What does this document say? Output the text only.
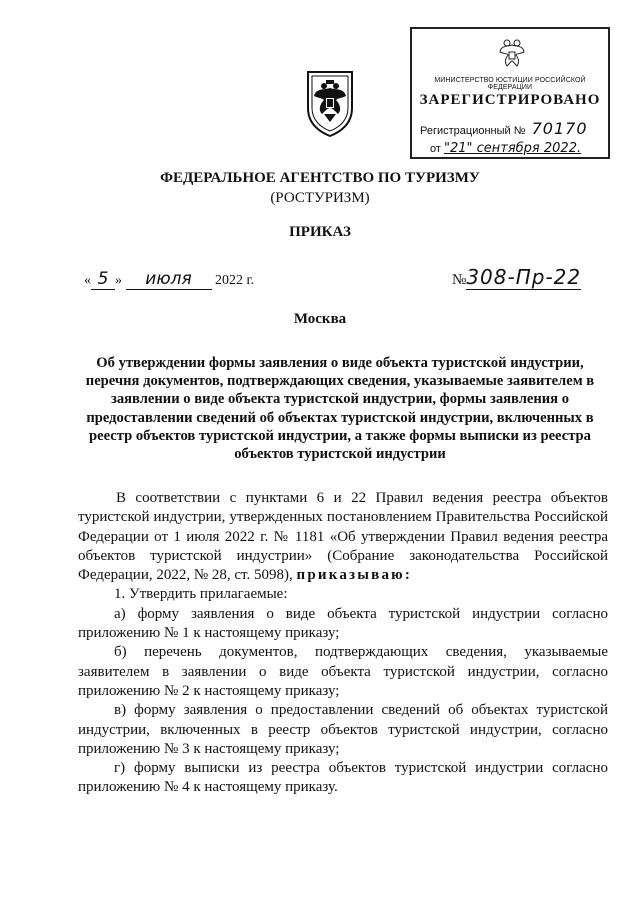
МИНИСТЕРСТВО ЮСТИЦИИ РОССИЙСКОЙ ФЕДЕРАЦИИ
ЗАРЕГИСТРИРОВАНО
Регистрационный № 70170
от "21" сентября 2022.
ФЕДЕРАЛЬНОЕ АГЕНТСТВО ПО ТУРИЗМУ
(РОСТУРИЗМ)
ПРИКАЗ
« 5 » июля 2022 г.	№308-Пр-22
Москва
Об утверждении формы заявления о виде объекта туристской индустрии, перечня документов, подтверждающих сведения, указываемые заявителем в заявлении о виде объекта туристской индустрии, формы заявления о предоставлении сведений об объектах туристской индустрии, включенных в реестр объектов туристской индустрии, а также формы выписки из реестра объектов туристской индустрии

В соответствии с пунктами 6 и 22 Правил ведения реестра объектов туристской индустрии, утвержденных постановлением Правительства Российской Федерации от 1 июля 2022 г. № 1181 «Об утверждении Правил ведения реестра объектов туристской индустрии» (Собрание законодательства Российской Федерации, 2022, № 28, ст. 5098), приказываю:

1. Утвердить прилагаемые:

а) форму заявления о виде объекта туристской индустрии согласно приложению № 1 к настоящему приказу;

б) перечень документов, подтверждающих сведения, указываемые заявителем в заявлении о виде объекта туристской индустрии, согласно приложению № 2 к настоящему приказу;

в) форму заявления о предоставлении сведений об объектах туристской индустрии, включенных в реестр объектов туристской индустрии, согласно приложению № 3 к настоящему приказу;

г) форму выписки из реестра объектов туристской индустрии согласно приложению № 4 к настоящему приказу.
